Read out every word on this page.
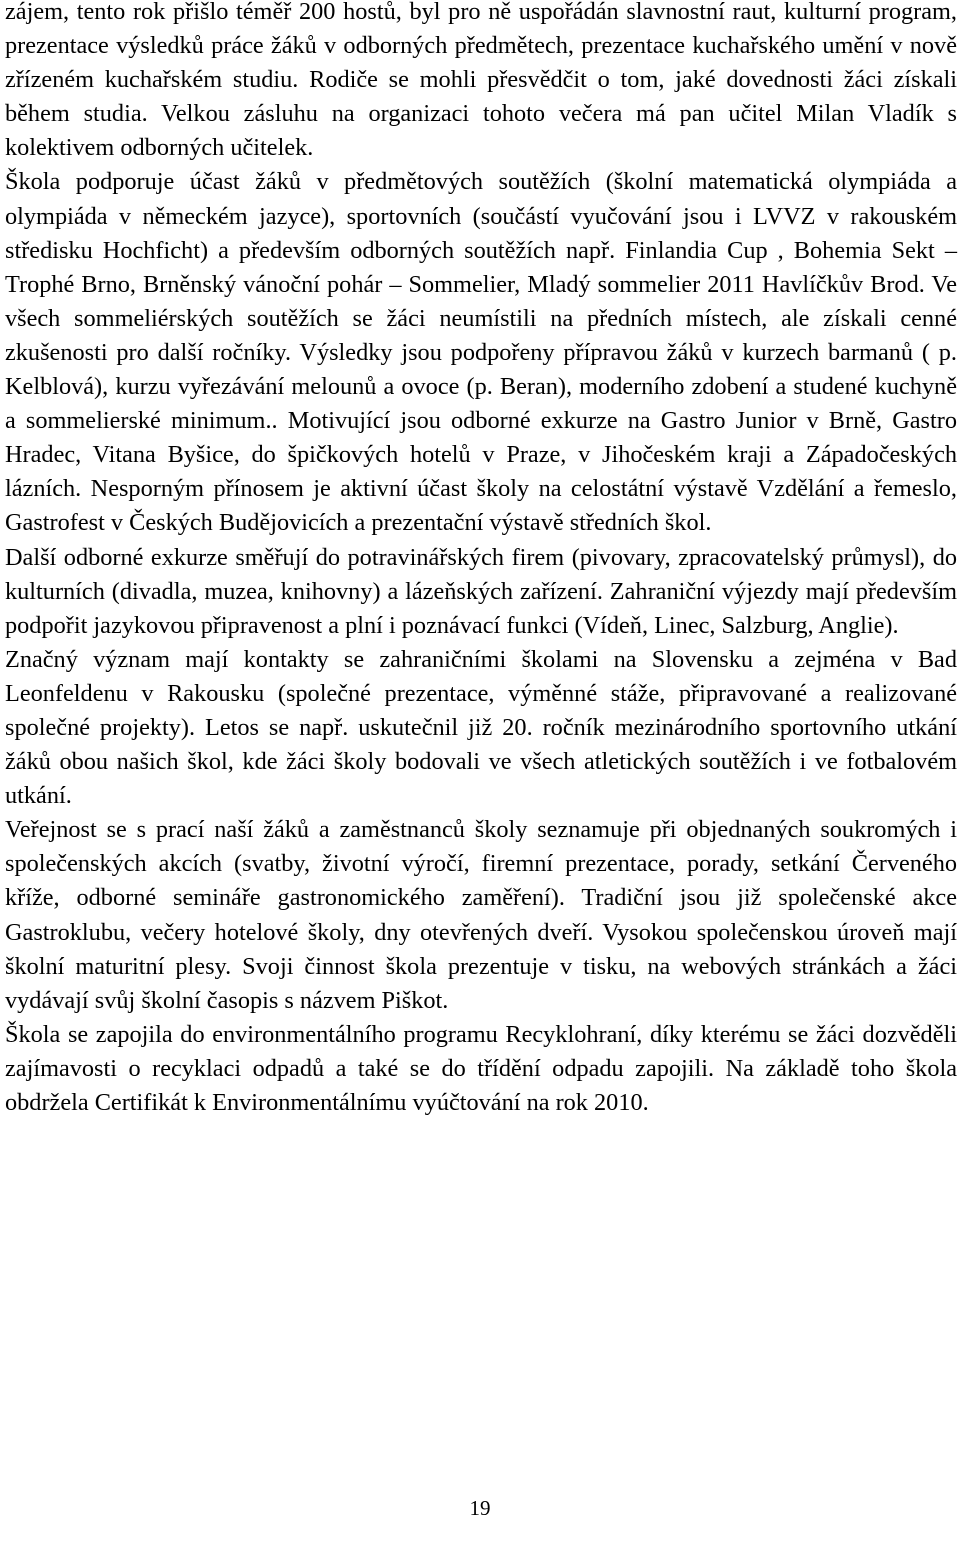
zájem, tento rok přišlo téměř 200 hostů, byl pro ně uspořádán slavnostní raut, kulturní program, prezentace výsledků práce žáků v odborných předmětech, prezentace kuchařského umění v nově zřízeném kuchařském studiu. Rodiče se mohli přesvědčit o tom, jaké dovednosti žáci získali během studia. Velkou zásluhu na organizaci tohoto večera má pan učitel Milan Vladík s kolektivem odborných učitelek.

Škola podporuje účast žáků v předmětových soutěžích (školní matematická olympiáda a olympiáda v německém jazyce), sportovních (součástí vyučování jsou i LVVZ v rakouském středisku Hochficht) a především odborných soutěžích např. Finlandia Cup , Bohemia Sekt – Trophé Brno, Brněnský vánoční pohár – Sommelier, Mladý sommelier 2011 Havlíčkův Brod. Ve všech sommeliérských soutěžích se žáci neumístili na předních místech, ale získali cenné zkušenosti pro další ročníky. Výsledky jsou podpořeny přípravou žáků v kurzech barmanů ( p. Kelblová), kurzu vyřezávání melounů a ovoce (p. Beran), moderního zdobení a studené kuchyně a sommelierské minimum.. Motivující jsou odborné exkurze na Gastro Junior v Brně, Gastro Hradec, Vitana Byšice, do špičkových hotelů v Praze, v Jihočeském kraji a Západočeských lázních. Nesporným přínosem je aktivní účast školy na celostátní výstavě Vzdělání a řemeslo, Gastrofest v Českých Budějovicích a prezentační výstavě středních škol.

Další odborné exkurze směřují do potravinářských firem (pivovary, zpracovatelský průmysl), do kulturních (divadla, muzea, knihovny) a lázeňských zařízení. Zahraniční výjezdy mají především podpořit jazykovou připravenost a plní i poznávací funkci (Vídeň, Linec, Salzburg, Anglie).

Značný význam mají kontakty se zahraničními školami na Slovensku a zejména v Bad Leonfeldenu v Rakousku (společné prezentace, výměnné stáže, připravované a realizované společné projekty). Letos se např. uskutečnil již 20. ročník mezinárodního sportovního utkání žáků obou našich škol, kde žáci školy bodovali ve všech atletických soutěžích i ve fotbalovém utkání.

Veřejnost se s prací naší žáků a zaměstnanců školy seznamuje při objednaných soukromých i společenských akcích (svatby, životní výročí, firemní prezentace, porady, setkání Červeného kříže, odborné semináře gastronomického zaměření). Tradiční jsou již společenské akce Gastroklubu, večery hotelové školy, dny otevřených dveří. Vysokou společenskou úroveň mají školní maturitní plesy. Svoji činnost škola prezentuje v tisku, na webových stránkách a žáci vydávají svůj školní časopis s názvem Piškot.

Škola se zapojila do environmentálního programu Recyklohraní, díky kterému se žáci dozvěděli zajímavosti o recyklaci odpadů a také se do třídění odpadu zapojili. Na základě toho škola obdržela Certifikát k Environmentálnímu vyúčtování na rok 2010.

19
